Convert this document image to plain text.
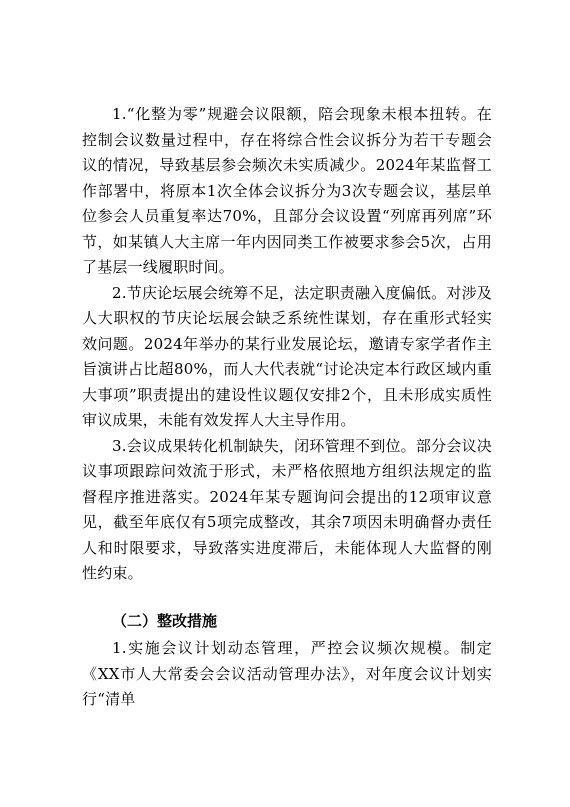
1.“化整为零”规避会议限额，陪会现象未根本扭转。在控制会议数量过程中，存在将综合性会议拆分为若干专题会议的情况，导致基层参会频次未实质减少。2024年某监督工作部署中，将原本1次全体会议拆分为3次专题会议，基层单位参会人员重复率达70%，且部分会议设置“列席再列席”环节，如某镇人大主席一年内因同类工作被要求参会5次，占用了基层一线履职时间。

2.节庆论坛展会统筹不足，法定职责融入度偏低。对涉及人大职权的节庆论坛展会缺乏系统性谋划，存在重形式轻实效问题。2024年举办的某行业发展论坛，邀请专家学者作主旨演讲占比超80%，而人大代表就“讨论决定本行政区域内重大事项”职责提出的建设性议题仅安排2个，且未形成实质性审议成果，未能有效发挥人大主导作用。

3.会议成果转化机制缺失，闭环管理不到位。部分会议决议事项跟踪问效流于形式，未严格依照地方组织法规定的监督程序推进落实。2024年某专题询问会提出的12项审议意见，截至年底仅有5项完成整改，其余7项因未明确督办责任人和时限要求，导致落实进度滞后，未能体现人大监督的刚性约束。

（二）整改措施

1.实施会议计划动态管理，严控会议频次规模。制定《XX市人大常委会会议活动管理办法》，对年度会议计划实行“清单
